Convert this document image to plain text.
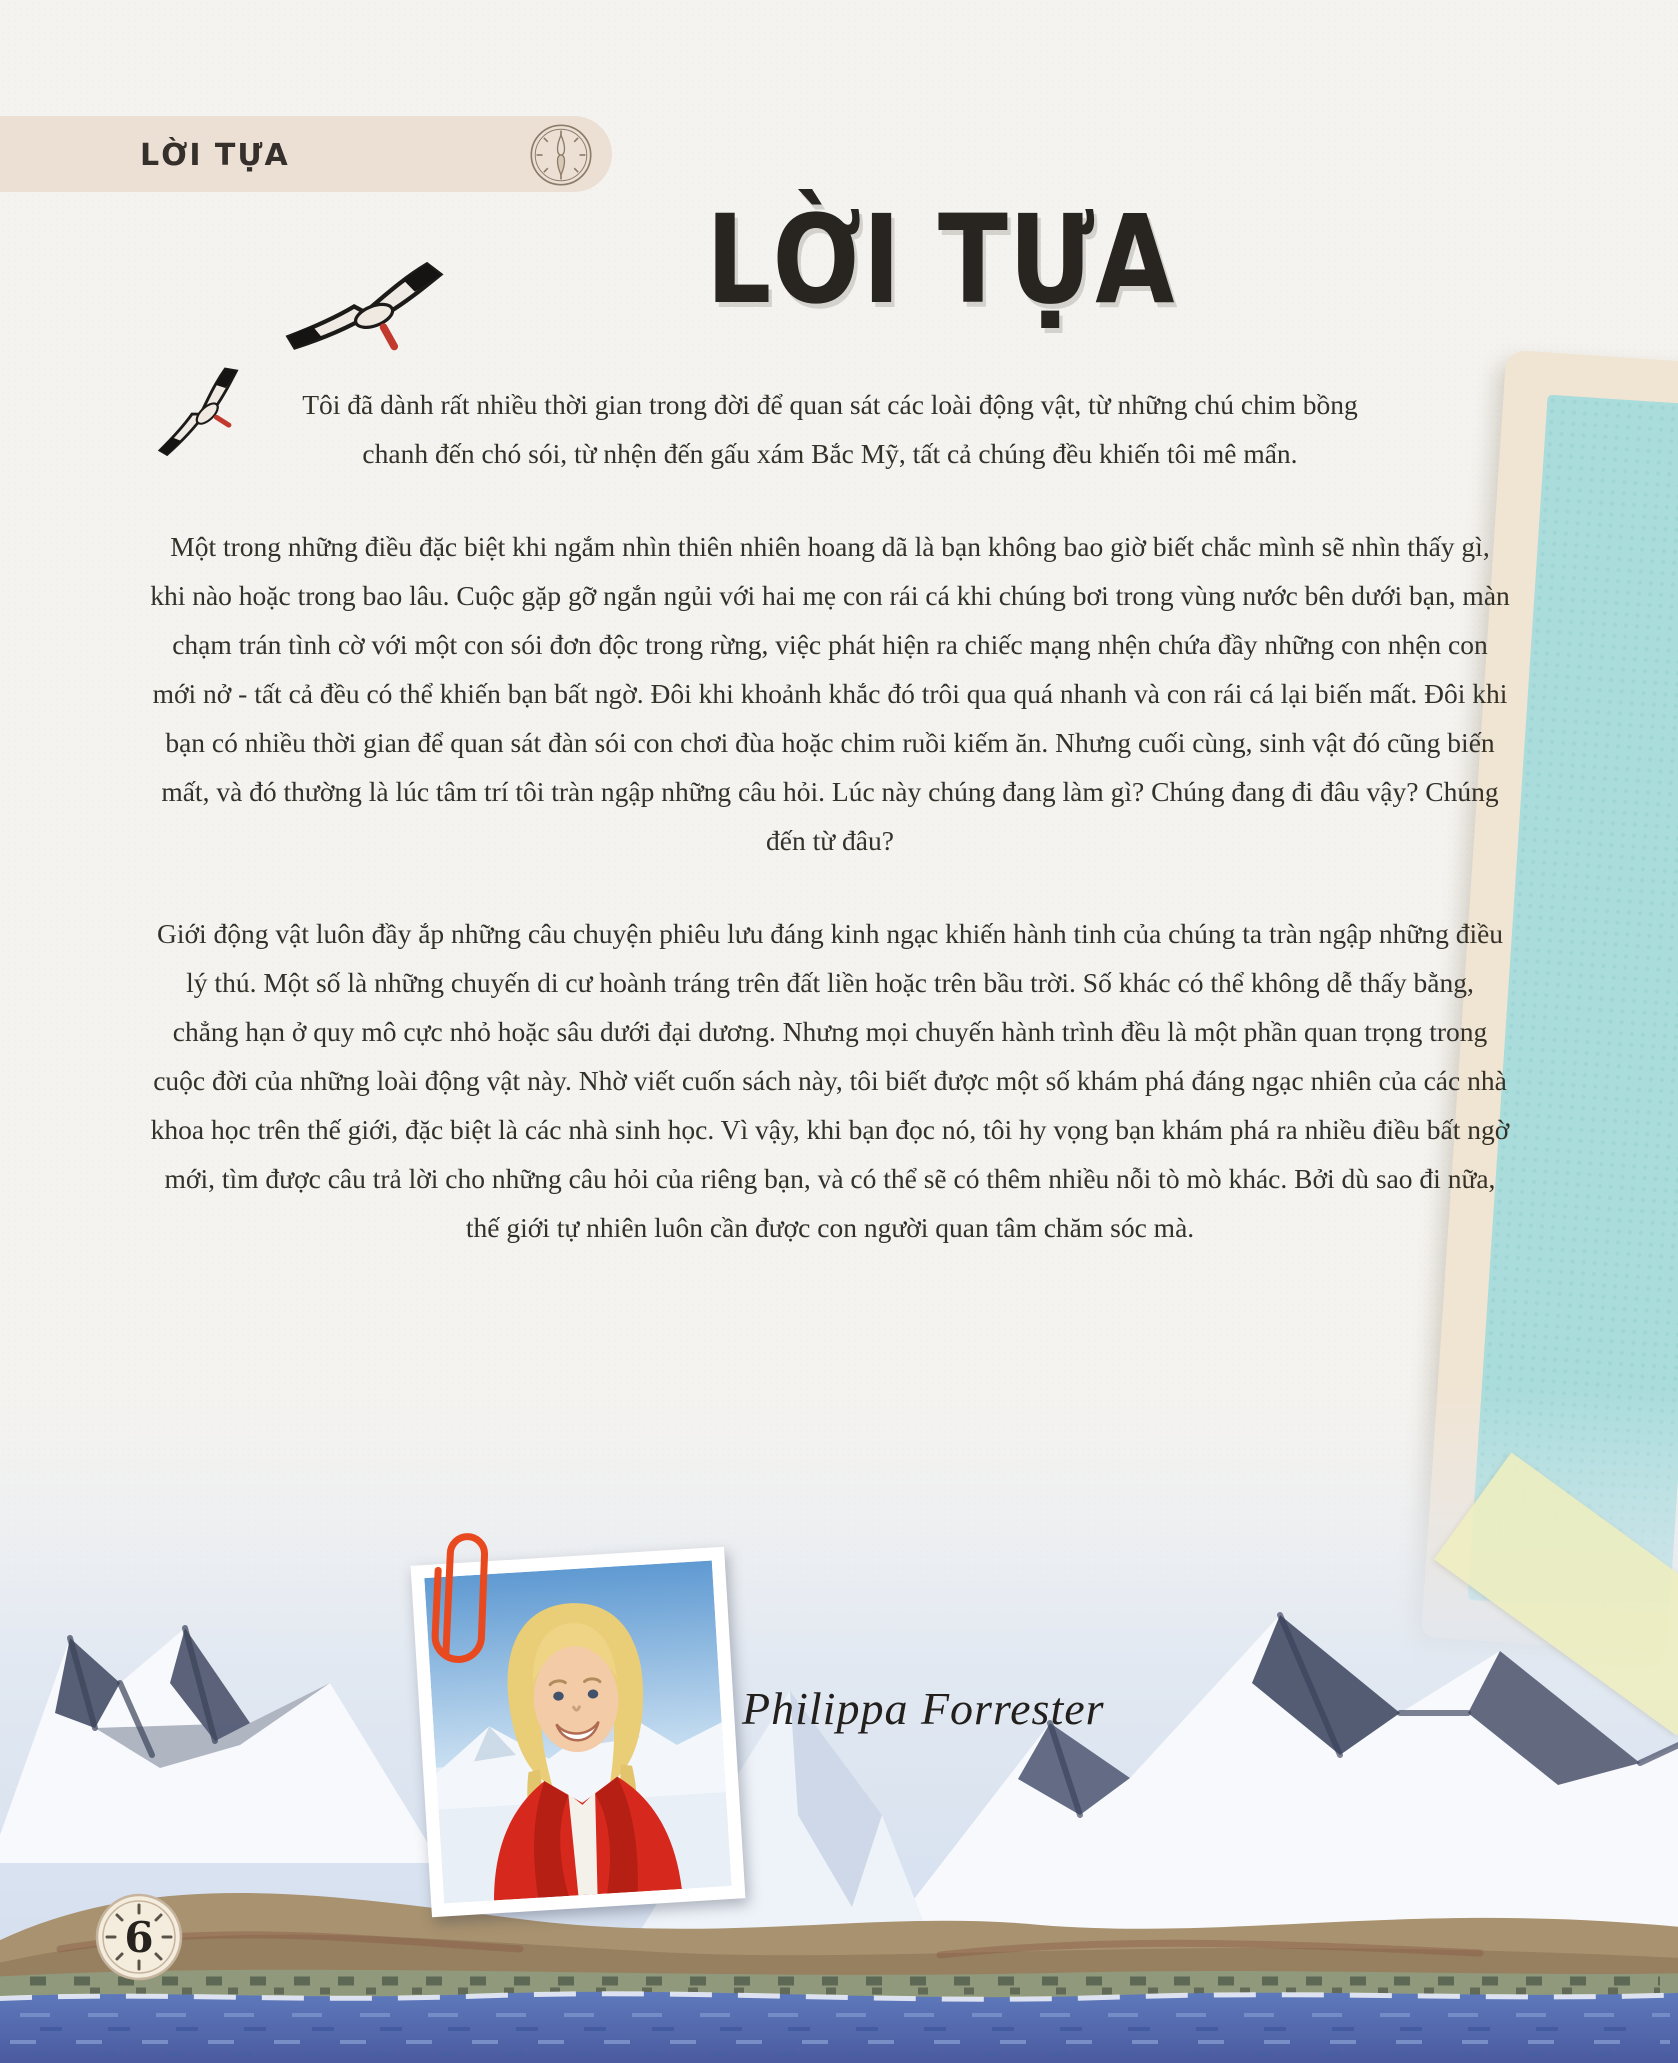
LỜI TỰA
LỜI TỰA

Tôi đã dành rất nhiều thời gian trong đời để quan sát các loài động vật, từ những chú chim bồng chanh đến chó sói, từ nhện đến gấu xám Bắc Mỹ, tất cả chúng đều khiến tôi mê mẩn.

Một trong những điều đặc biệt khi ngắm nhìn thiên nhiên hoang dã là bạn không bao giờ biết chắc mình sẽ nhìn thấy gì, khi nào hoặc trong bao lâu. Cuộc gặp gỡ ngắn ngủi với hai mẹ con rái cá khi chúng bơi trong vùng nước bên dưới bạn, màn chạm trán tình cờ với một con sói đơn độc trong rừng, việc phát hiện ra chiếc mạng nhện chứa đầy những con nhện con mới nở - tất cả đều có thể khiến bạn bất ngờ. Đôi khi khoảnh khắc đó trôi qua quá nhanh và con rái cá lại biến mất. Đôi khi bạn có nhiều thời gian để quan sát đàn sói con chơi đùa hoặc chim ruồi kiếm ăn. Nhưng cuối cùng, sinh vật đó cũng biến mất, và đó thường là lúc tâm trí tôi tràn ngập những câu hỏi. Lúc này chúng đang làm gì? Chúng đang đi đâu vậy? Chúng đến từ đâu?

Giới động vật luôn đầy ắp những câu chuyện phiêu lưu đáng kinh ngạc khiến hành tinh của chúng ta tràn ngập những điều lý thú. Một số là những chuyến di cư hoành tráng trên đất liền hoặc trên bầu trời. Số khác có thể không dễ thấy bằng, chẳng hạn ở quy mô cực nhỏ hoặc sâu dưới đại dương. Nhưng mọi chuyến hành trình đều là một phần quan trọng trong cuộc đời của những loài động vật này. Nhờ viết cuốn sách này, tôi biết được một số khám phá đáng ngạc nhiên của các nhà khoa học trên thế giới, đặc biệt là các nhà sinh học. Vì vậy, khi bạn đọc nó, tôi hy vọng bạn khám phá ra nhiều điều bất ngờ mới, tìm được câu trả lời cho những câu hỏi của riêng bạn, và có thể sẽ có thêm nhiều nỗi tò mò khác. Bởi dù sao đi nữa, thế giới tự nhiên luôn cần được con người quan tâm chăm sóc mà.

Philippa Forrester
6
